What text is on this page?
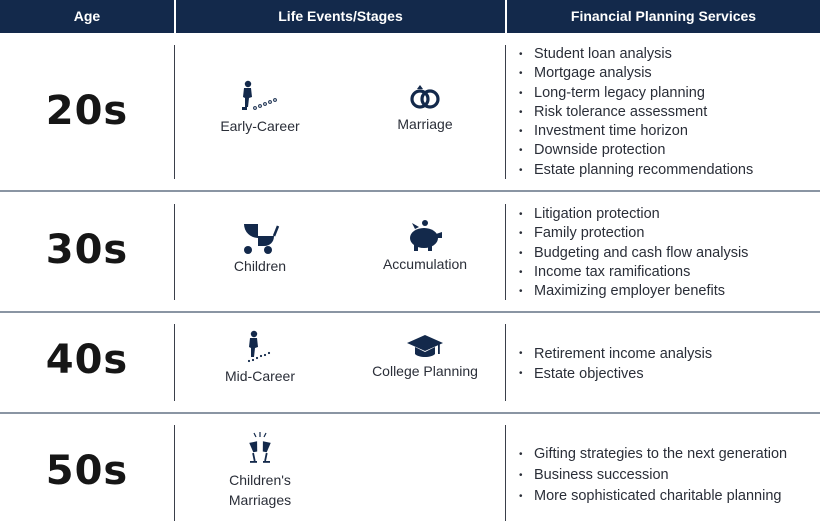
Age	Life Events/Stages	Financial Planning Services
20s	Early-Career	Marriage
• Student loan analysis
• Mortgage analysis
• Long-term legacy planning
• Risk tolerance assessment
• Investment time horizon
• Downside protection
• Estate planning recommendations
30s	Children	Accumulation
• Litigation protection
• Family protection
• Budgeting and cash flow analysis
• Income tax ramifications
• Maximizing employer benefits
40s	Mid-Career	College Planning
• Retirement income analysis
• Estate objectives
50s	Children's
Marriages
• Gifting strategies to the next generation
• Business succession
• More sophisticated charitable planning
